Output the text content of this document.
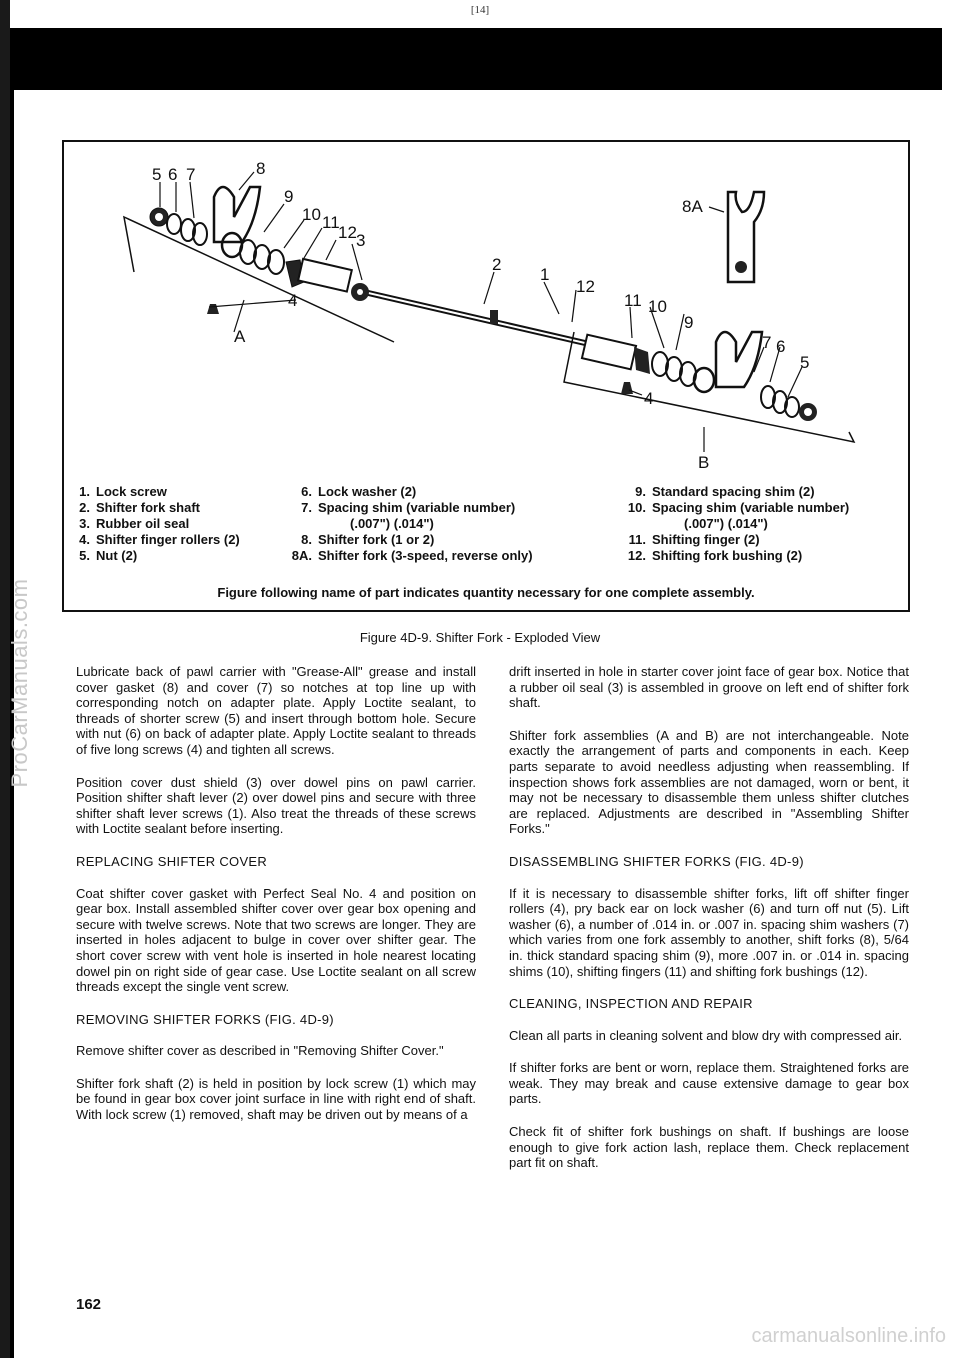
[14]
ProCarManuals.com
5 6 7	8
9
10 11
12 3
4
A
2
1
12
8A
11 10
9
7 6
5
4
B
1. Lock screw
2. Shifter fork shaft
3. Rubber oil seal
4. Shifter finger rollers (2)
5. Nut (2)
6. Lock washer (2)
7. Spacing shim (variable number)
(.007") (.014")
8. Shifter fork (1 or 2)
8A. Shifter fork (3-speed, reverse only)
9. Standard spacing shim (2)
10. Spacing shim (variable number)
(.007") (.014")
11. Shifting finger (2)
12. Shifting fork bushing (2)
Figure following name of part indicates quantity necessary for one complete assembly.
Figure 4D-9. Shifter Fork - Exploded View

Lubricate back of pawl carrier with "Grease-All" grease and install cover gasket (8) and cover (7) so notches at top line up with corresponding notch on adapter plate. Apply Loctite sealant, to threads of shorter screw (5) and insert through bottom hole. Secure with nut (6) on back of adapter plate. Apply Loctite sealant to threads of five long screws (4) and tighten all screws.

Position cover dust shield (3) over dowel pins on pawl carrier. Position shifter shaft lever (2) over dowel pins and secure with three shifter shaft lever screws (1). Also treat the threads of these screws with Loctite sealant before inserting.

REPLACING SHIFTER COVER

Coat shifter cover gasket with Perfect Seal No. 4 and position on gear box. Install assembled shifter cover over gear box opening and secure with twelve screws. Note that two screws are longer. They are inserted in holes adjacent to bulge in cover over shifter gear. The short cover screw with vent hole is inserted in hole nearest locating dowel pin on right side of gear case. Use Loctite sealant on all screw threads except the single vent screw.

REMOVING SHIFTER FORKS (FIG. 4D-9)

Remove shifter cover as described in "Removing Shifter Cover."

Shifter fork shaft (2) is held in position by lock screw (1) which may be found in gear box cover joint surface in line with right end of shaft. With lock screw (1) removed, shaft may be driven out by means of a

drift inserted in hole in starter cover joint face of gear box. Notice that a rubber oil seal (3) is assembled in groove on left end of shifter fork shaft.

Shifter fork assemblies (A and B) are not interchangeable. Note exactly the arrangement of parts and components in each. Keep parts separate to avoid needless adjusting when reassembling. If inspection shows fork assemblies are not damaged, worn or bent, it may not be necessary to disassemble them unless shifter clutches are replaced. Adjustments are described in "Assembling Shifter Forks."

DISASSEMBLING SHIFTER FORKS (FIG. 4D-9)

If it is necessary to disassemble shifter forks, lift off shifter finger rollers (4), pry back ear on lock washer (6) and turn off nut (5). Lift washer (6), a number of .014 in. or .007 in. spacing shim washers (7) which varies from one fork assembly to another, shift forks (8), 5/64 in. thick standard spacing shim (9), more .007 in. or .014 in. spacing shims (10), shifting fingers (11) and shifting fork bushings (12).

CLEANING, INSPECTION AND REPAIR

Clean all parts in cleaning solvent and blow dry with compressed air.

If shifter forks are bent or worn, replace them. Straightened forks are weak. They may break and cause extensive damage to gear box parts.

Check fit of shifter fork bushings on shaft. If bushings are loose enough to give fork action lash, replace them. Check replacement part fit on shaft.

162
carmanualsonline.info
